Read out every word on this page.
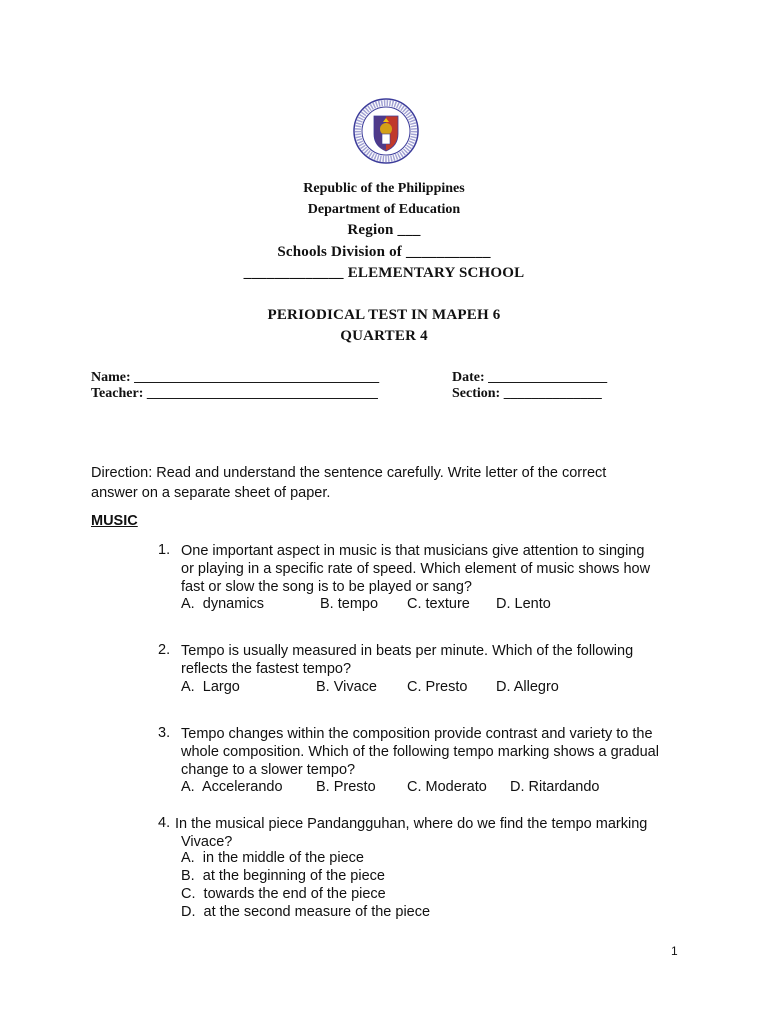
Republic of the Philippines
Department of Education
Region ___
Schools Division of ___________
_____________ ELEMENTARY SCHOOL
PERIODICAL TEST IN MAPEH 6
QUARTER 4
Name: ___________________________________	Date: _________________
Teacher: _________________________________	Section: ______________
Direction: Read and understand the sentence carefully. Write letter of the correct
answer on a separate sheet of paper.
MUSIC
1. One important aspect in music is that musicians give attention to singing
or playing in a specific rate of speed. Which element of music shows how
fast or slow the song is to be played or sang?
A.  dynamics	B. tempo C. texture D. Lento
2. Tempo is usually measured in beats per minute. Which of the following
reflects the fastest tempo?
A.  Largo	B. Vivace C. Presto D. Allegro
3. Tempo changes within the composition provide contrast and variety to the
whole composition. Which of the following tempo marking shows a gradual
change to a slower tempo?
A.  Accelerando B. Presto C. Moderato D. Ritardando
4. In the musical piece Pandangguhan, where do we find the tempo marking
Vivace?
A.  in the middle of the piece
B.  at the beginning of the piece
C.  towards the end of the piece
D.  at the second measure of the piece
1
